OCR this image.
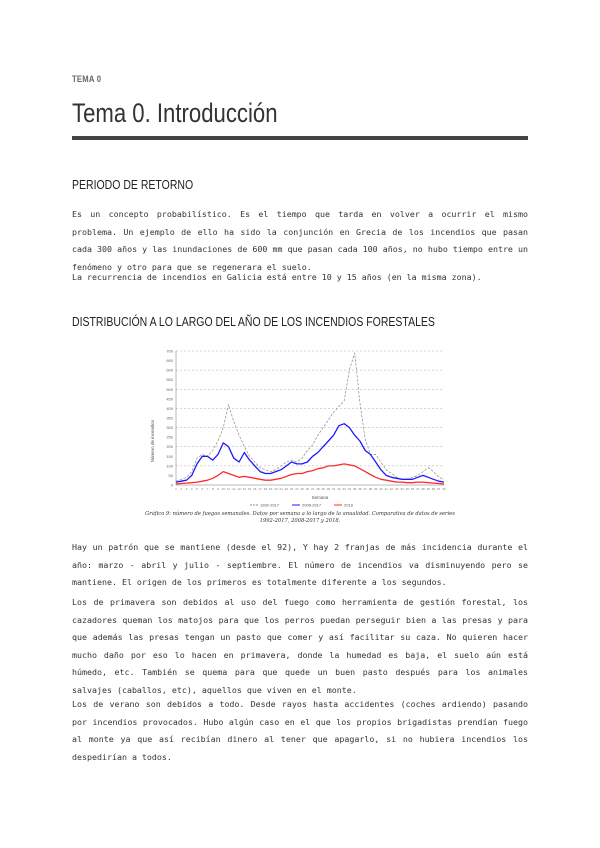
TEMA 0
Tema 0. Introducción
PERIODO DE RETORNO
Es un concepto probabilístico. Es el tiempo que tarda en volver a ocurrir el mismo problema. Un ejemplo de ello ha sido la conjunción en Grecia de los incendios que pasan cada 300 años y las inundaciones de 600 mm que pasan cada 100 años, no hubo tiempo entre un fenómeno y otro para que se regenerara el suelo.
La recurrencia de incendios en Galicia está entre 10 y 15 años (en la misma zona).
DISTRIBUCIÓN A LO LARGO DEL AÑO DE LOS INCENDIOS FORESTALES
0
50
100
150
200
250
300
350
400
450
500
550
600
650
700
1 2 3 4 5 6 7 8 9 10 11 12 13 14 15 16 17 18 19 20 21 22 23 24 25 26 27 28 29 30 31 32 33 34 35 36 37 38 39 40 41 42 43 44 45 46 47 48 49 50 51 52
Número de incendios
Semana
1992-2017	2008-2017	2018
Gráfico 9: número de fuegos semanales. Datos por semana a lo largo de la anualidad. Comparativa de datos de series 1992-2017, 2008-2017 y 2018.
Hay un patrón que se mantiene (desde el 92), Y hay 2 franjas de más incidencia durante el año: marzo - abril y julio - septiembre. El número de incendios va disminuyendo pero se mantiene. El origen de los primeros es totalmente diferente a los segundos.
Los de primavera son debidos al uso del fuego como herramienta de gestión forestal, los cazadores queman los matojos para que los perros puedan perseguir bien a las presas y para que además las presas tengan un pasto que comer y así facilitar su caza. No quieren hacer mucho daño por eso lo hacen en primavera, donde la humedad es baja, el suelo aún está húmedo, etc. También se quema para que quede un buen pasto después para los animales salvajes (caballos, etc), aquellos que viven en el monte.
Los de verano son debidos a todo. Desde rayos hasta accidentes (coches ardiendo) pasando por incendios provocados. Hubo algún caso en el que los propios brigadistas prendían fuego al monte ya que así recibían dinero al tener que apagarlo, si no hubiera incendios los despedirían a todos.
